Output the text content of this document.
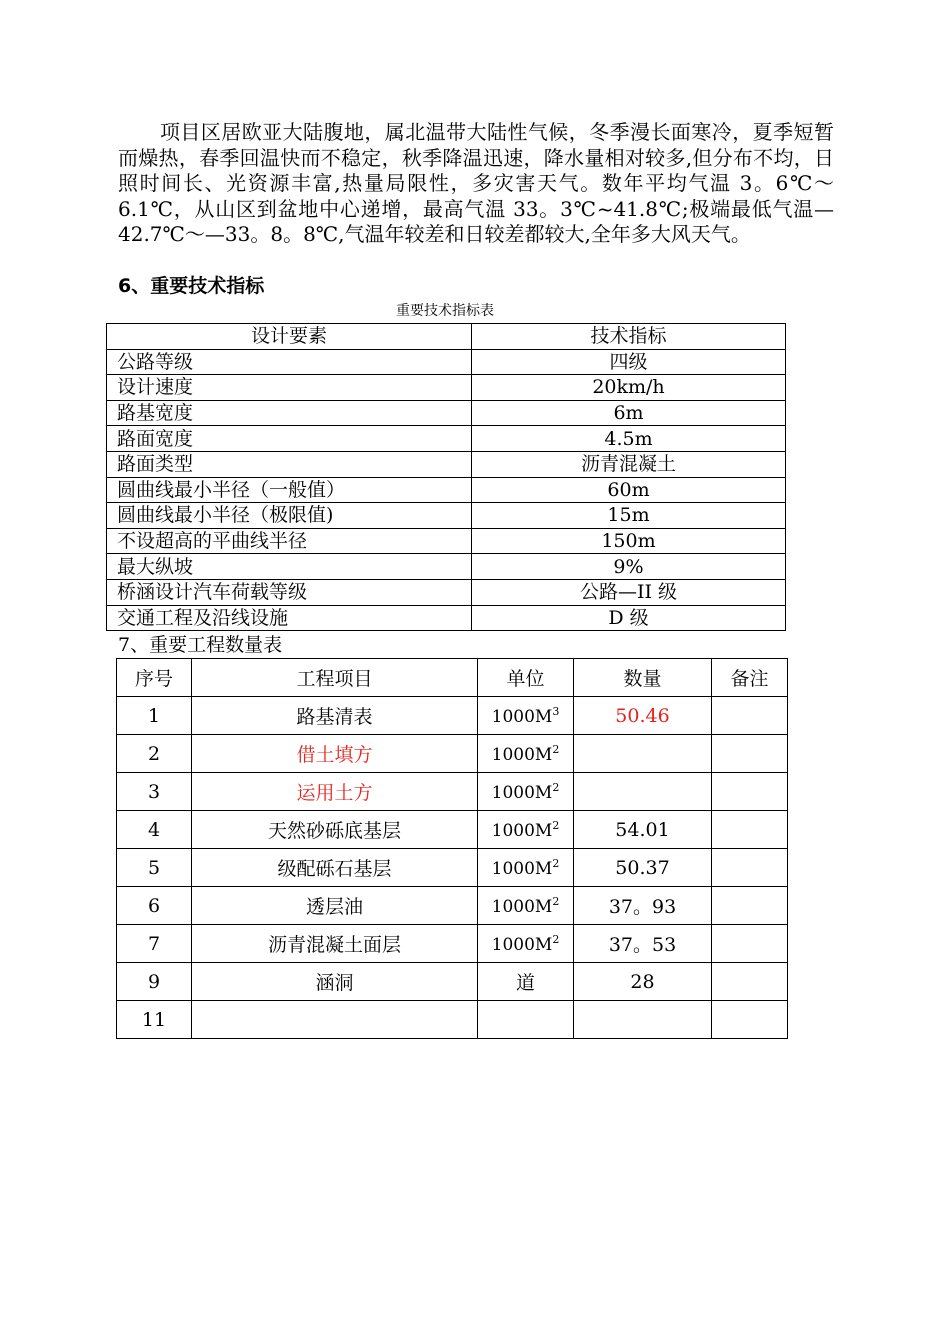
项目区居欧亚大陆腹地，属北温带大陆性气候，冬季漫长面寒冷，夏季短暂而燥热，春季回温快而不稳定，秋季降温迅速，降水量相对较多,但分布不均，日照时间长、光资源丰富,热量局限性，多灾害天气。数年平均气温 3。6℃～6.1℃，从山区到盆地中心递增，最高气温 33。3℃~41.8℃;极端最低气温—42.7℃～—33。8。8℃,气温年较差和日较差都较大,全年多大风天气。

6、重要技术指标
重要技术指标表
设计要素	技术指标
公路等级	四级
设计速度	20km/h
路基宽度	6m
路面宽度	4.5m
路面类型	沥青混凝土
圆曲线最小半径（一般值）	60m
圆曲线最小半径（极限值)	15m
不设超高的平曲线半径	150m
最大纵坡	9%
桥涵设计汽车荷载等级	公路—II 级
交通工程及沿线设施	D 级
7、重要工程数量表
序号	工程项目	单位	数量	备注
1	路基清表	$1000M^3$	50.46	
2	借土填方	$1000M^2$		
3	运用土方	$1000M^2$		
4	天然砂砾底基层	$1000M^2$	54.01	
5	级配砾石基层	$1000M^2$	50.37	
6	透层油	$1000M^2$	37。93	
7	沥青混凝土面层	$1000M^2$	37。53	
9	涵洞	道	28	
11				
